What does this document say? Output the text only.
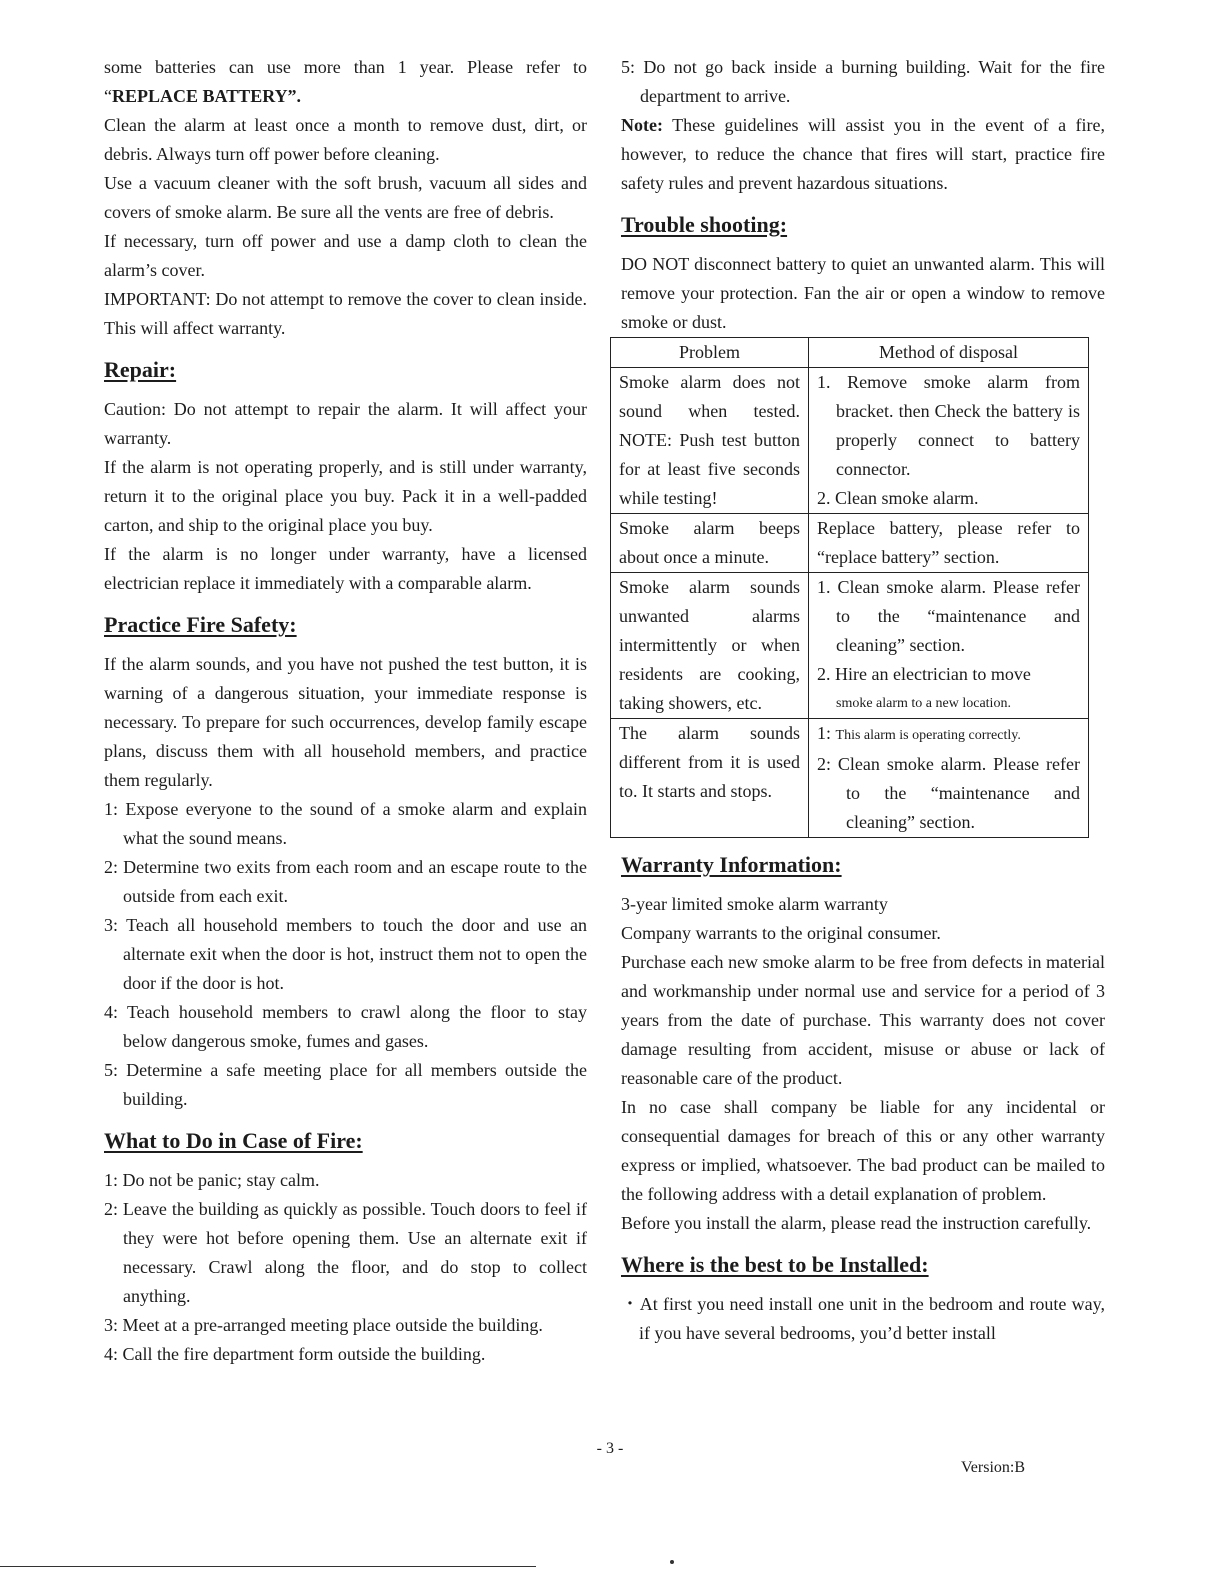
some batteries can use more than 1 year. Please refer to “REPLACE BATTERY”.

Clean the alarm at least once a month to remove dust, dirt, or debris. Always turn off power before cleaning.

Use a vacuum cleaner with the soft brush, vacuum all sides and covers of smoke alarm. Be sure all the vents are free of debris.

If necessary, turn off power and use a damp cloth to clean the alarm’s cover.

IMPORTANT: Do not attempt to remove the cover to clean inside. This will affect warranty.

Repair:

Caution: Do not attempt to repair the alarm. It will affect your warranty.

If the alarm is not operating properly, and is still under warranty, return it to the original place you buy. Pack it in a well-padded carton, and ship to the original place you buy.

If the alarm is no longer under warranty, have a licensed electrician replace it immediately with a comparable alarm.

Practice Fire Safety:

If the alarm sounds, and you have not pushed the test button, it is warning of a dangerous situation, your immediate response is necessary. To prepare for such occurrences, develop family escape plans, discuss them with all household members, and practice them regularly.

1: Expose everyone to the sound of a smoke alarm and explain what the sound means.
2: Determine two exits from each room and an escape route to the outside from each exit.
3: Teach all household members to touch the door and use an alternate exit when the door is hot, instruct them not to open the door if the door is hot.
4: Teach household members to crawl along the floor to stay below dangerous smoke, fumes and gases.
5: Determine a safe meeting place for all members outside the building.
What to Do in Case of Fire:
1: Do not be panic; stay calm.
2: Leave the building as quickly as possible. Touch doors to feel if they were hot before opening them. Use an alternate exit if necessary. Crawl along the floor, and do stop to collect anything.
3: Meet at a pre-arranged meeting place outside the building.
4: Call the fire department form outside the building.
5: Do not go back inside a burning building. Wait for the fire department to arrive.

Note: These guidelines will assist you in the event of a fire, however, to reduce the chance that fires will start, practice fire safety rules and prevent hazardous situations.

Trouble shooting:

DO NOT disconnect battery to quiet an unwanted alarm. This will remove your protection. Fan the air or open a window to remove smoke or dust.

Problem	Method of disposal
Smoke alarm does not sound when tested. NOTE: Push test button for at least five seconds while testing!	1. Remove smoke alarm from bracket. then Check the battery is properly connect to battery connector.
2. Clean smoke alarm.

Smoke alarm beeps about once a minute.	Replace battery, please refer to “replace battery” section.

Smoke alarm sounds unwanted alarms intermittently or when residents are cooking, taking showers, etc.	1. Clean smoke alarm. Please refer to the “maintenance and cleaning” section.
2. Hire an electrician to move
smoke alarm to a new location.

The alarm sounds different from it is used to. It starts and stops.	1: This alarm is operating correctly.
2: Clean smoke alarm. Please refer to the “maintenance and cleaning” section.
Warranty Information:

3-year limited smoke alarm warranty

Company warrants to the original consumer.

Purchase each new smoke alarm to be free from defects in material and workmanship under normal use and service for a period of 3 years from the date of purchase. This warranty does not cover damage resulting from accident, misuse or abuse or lack of reasonable care of the product.

In no case shall company be liable for any incidental or consequential damages for breach of this or any other warranty express or implied, whatsoever. The bad product can be mailed to the following address with a detail explanation of problem.

Before you install the alarm, please read the instruction carefully.

Where is the best to be Installed:
・At first you need install one unit in the bedroom and route way, if you have several bedrooms, you’d better install
- 3 -
Version:B
